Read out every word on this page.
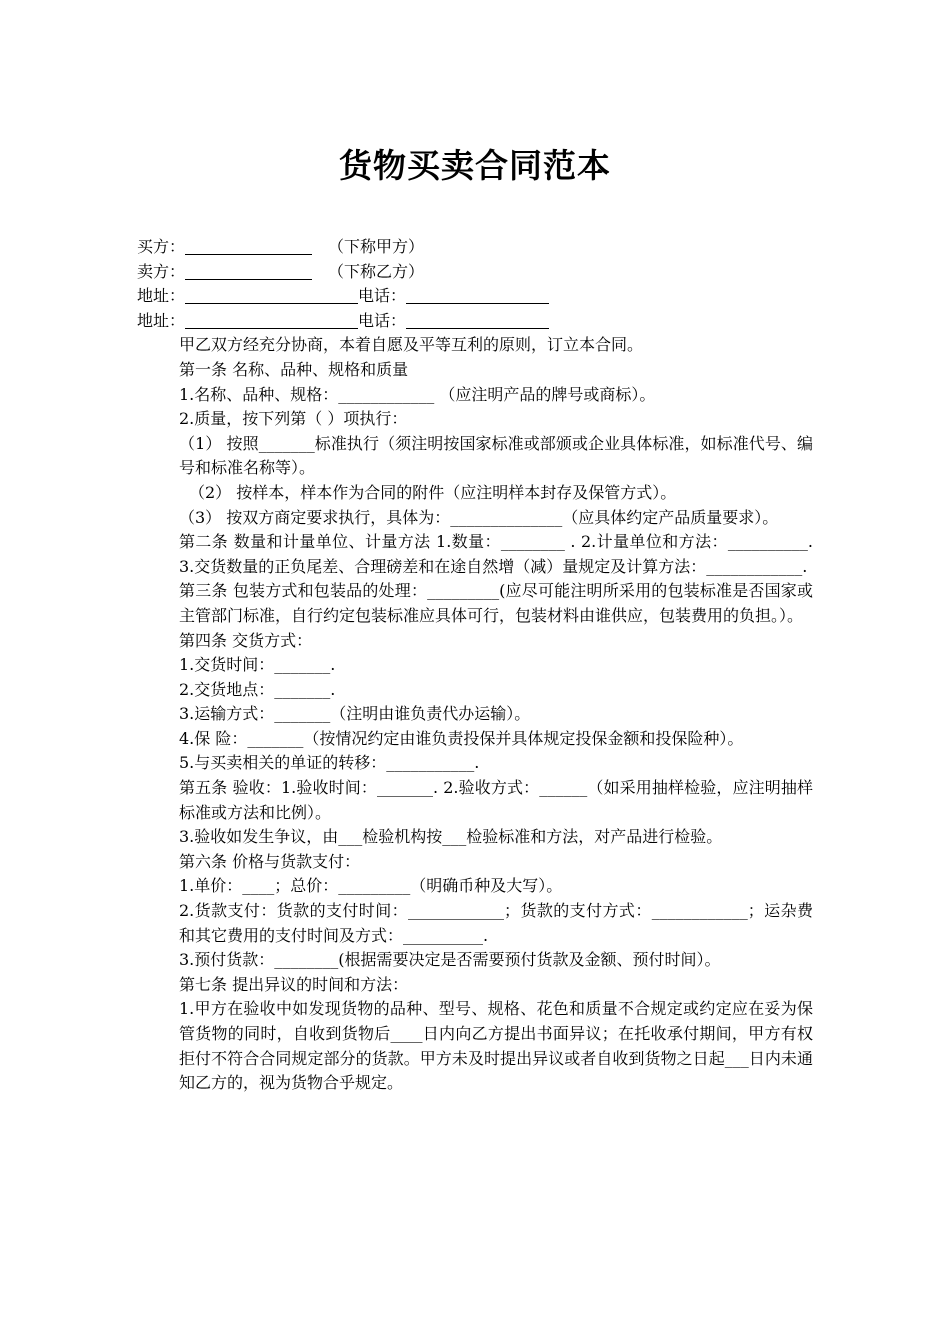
货物买卖合同范本
买方：	（下称甲方）
卖方：	（下称乙方）
地址：	电话：
地址：	电话：
甲乙双方经充分协商，本着自愿及平等互利的原则，订立本合同。
第一条 名称、品种、规格和质量
1.名称、品种、规格：____________ （应注明产品的牌号或商标）。
2.质量，按下列第（ ）项执行：
（1） 按照_______标准执行（须注明按国家标准或部颁或企业具体标准，如标准代号、编号和标准名称等）。
（2） 按样本，样本作为合同的附件（应注明样本封存及保管方式）。
（3） 按双方商定要求执行，具体为：______________（应具体约定产品质量要求）。
第二条 数量和计量单位、计量方法 1.数量：________ . 2.计量单位和方法：__________. 3.交货数量的正负尾差、合理磅差和在途自然增（减）量规定及计算方法：____________.
第三条 包装方式和包装品的处理：_________(应尽可能注明所采用的包装标准是否国家或主管部门标准，自行约定包装标准应具体可行，包装材料由谁供应，包装费用的负担。）。
第四条 交货方式：
1.交货时间：_______.
2.交货地点：_______.
3.运输方式：_______（注明由谁负责代办运输）。
4.保 险：_______（按情况约定由谁负责投保并具体规定投保金额和投保险种）。
5.与买卖相关的单证的转移：___________.
第五条 验收：1.验收时间：_______. 2.验收方式：______（如采用抽样检验，应注明抽样标准或方法和比例）。
3.验收如发生争议，由___检验机构按___检验标准和方法，对产品进行检验。
第六条 价格与货款支付：
1.单价：____；总价：_________（明确币种及大写）。
2.货款支付：货款的支付时间：____________；货款的支付方式：____________；运杂费和其它费用的支付时间及方式：__________.
3.预付货款：________(根据需要决定是否需要预付货款及金额、预付时间）。
第七条 提出异议的时间和方法：
1.甲方在验收中如发现货物的品种、型号、规格、花色和质量不合规定或约定应在妥为保管货物的同时，自收到货物后____日内向乙方提出书面异议；在托收承付期间，甲方有权拒付不符合合同规定部分的货款。甲方未及时提出异议或者自收到货物之日起___日内未通知乙方的，视为货物合乎规定。
